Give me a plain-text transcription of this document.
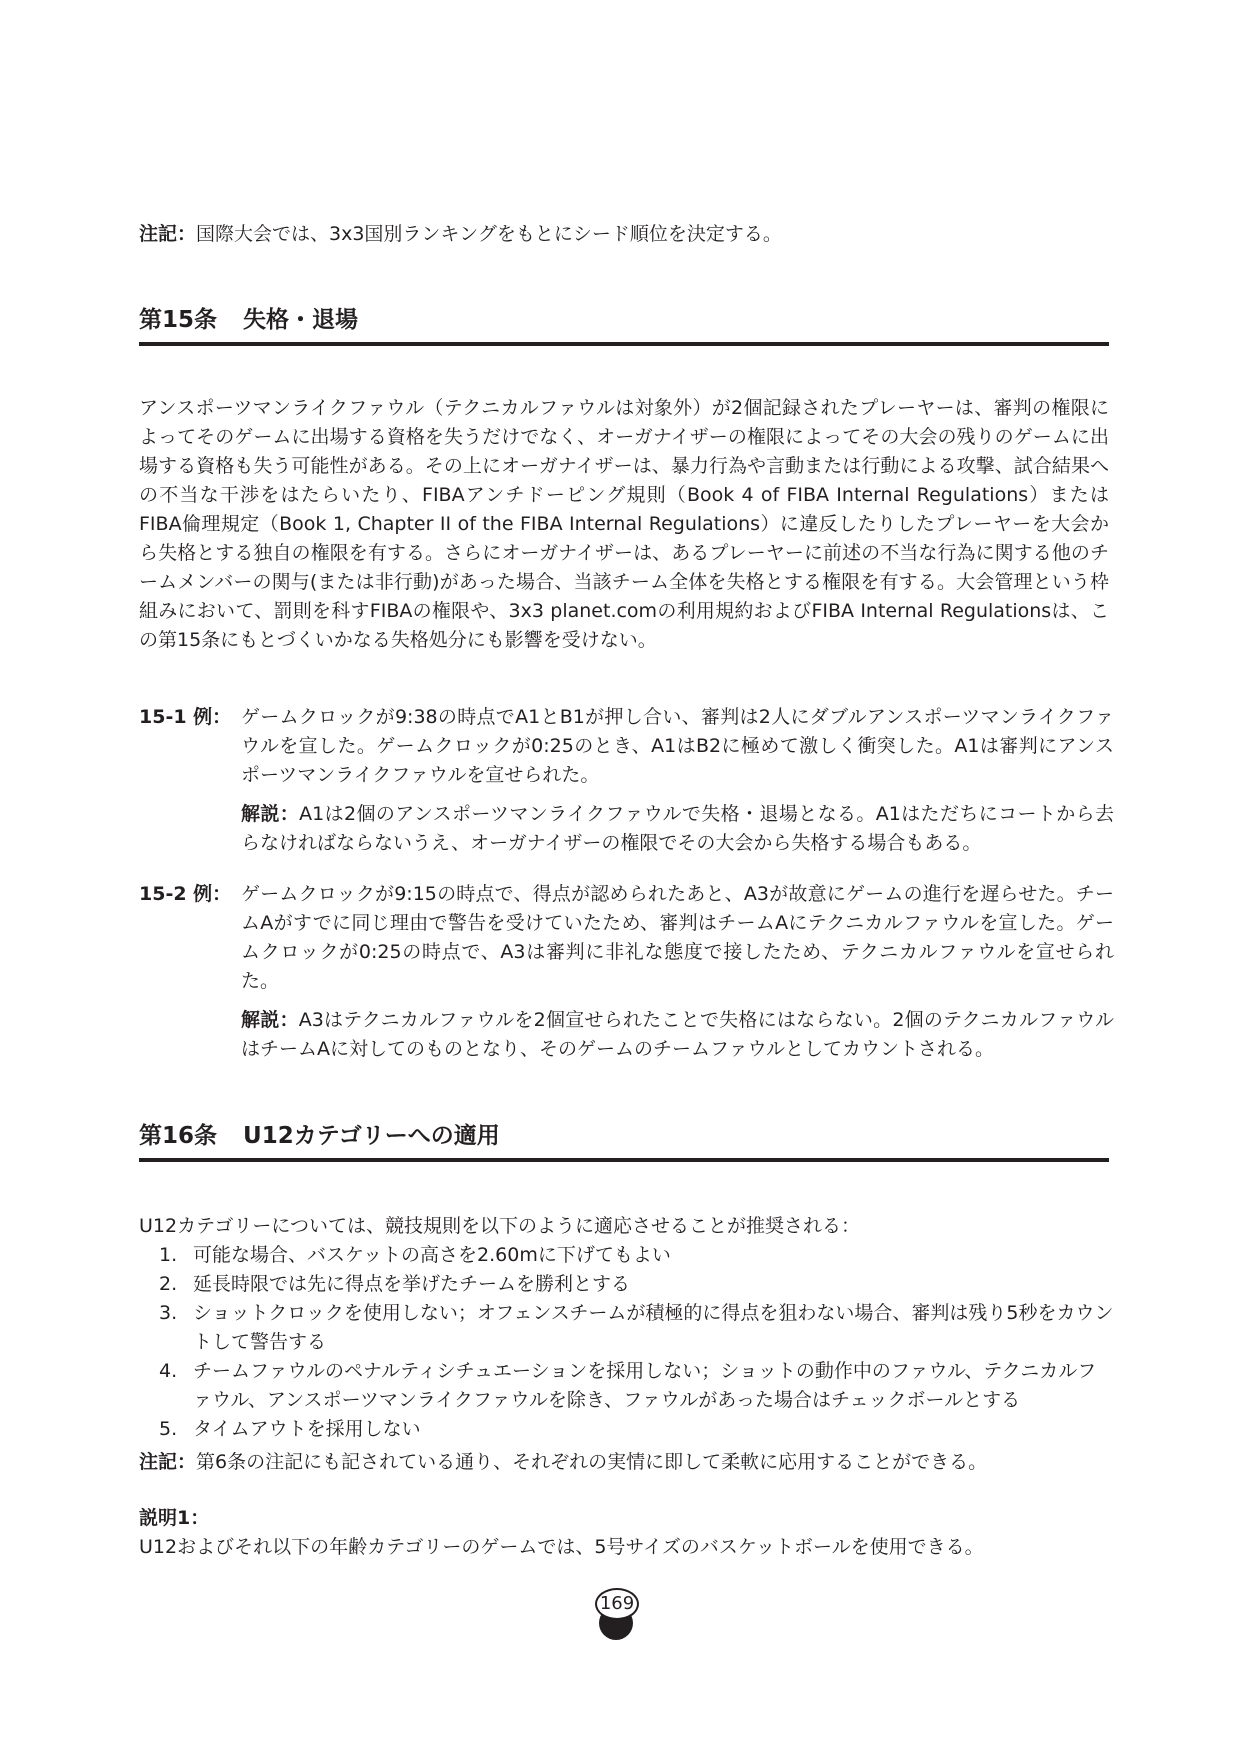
注記：国際大会では、3x3国別ランキングをもとにシード順位を決定する。
第15条 失格・退場

アンスポーツマンライクファウル（テクニカルファウルは対象外）が2個記録されたプレーヤーは、審判の権限によってそのゲームに出場する資格を失うだけでなく、オーガナイザーの権限によってその大会の残りのゲームに出場する資格も失う可能性がある。その上にオーガナイザーは、暴力行為や言動または行動による攻撃、試合結果への不当な干渉をはたらいたり、FIBAアンチドーピング規則（Book 4 of FIBA Internal Regulations）またはFIBA倫理規定（Book 1, Chapter II of the FIBA Internal Regulations）に違反したりしたプレーヤーを大会から失格とする独自の権限を有する。さらにオーガナイザーは、あるプレーヤーに前述の不当な行為に関する他のチームメンバーの関与(または非行動)があった場合、当該チーム全体を失格とする権限を有する。大会管理という枠組みにおいて、罰則を科すFIBAの権限や、3x3 planet.comの利用規約およびFIBA Internal Regulationsは、この第15条にもとづくいかなる失格処分にも影響を受けない。

15-1 例： ゲームクロックが9:38の時点でA1とB1が押し合い、審判は2人にダブルアンスポーツマンライクファウルを宣した。ゲームクロックが0:25のとき、A1はB2に極めて激しく衝突した。A1は審判にアンスポーツマンライクファウルを宣せられた。
解説：A1は2個のアンスポーツマンライクファウルで失格・退場となる。A1はただちにコートから去らなければならないうえ、オーガナイザーの権限でその大会から失格する場合もある。
15-2 例： ゲームクロックが9:15の時点で、得点が認められたあと、A3が故意にゲームの進行を遅らせた。チームAがすでに同じ理由で警告を受けていたため、審判はチームAにテクニカルファウルを宣した。ゲームクロックが0:25の時点で、A3は審判に非礼な態度で接したため、テクニカルファウルを宣せられた。
解説：A3はテクニカルファウルを2個宣せられたことで失格にはならない。2個のテクニカルファウルはチームAに対してのものとなり、そのゲームのチームファウルとしてカウントされる。
第16条 U12カテゴリーへの適用

U12カテゴリーについては、競技規則を以下のように適応させることが推奨される：

1. 可能な場合、バスケットの高さを2.60mに下げてもよい
2. 延長時限では先に得点を挙げたチームを勝利とする
3. ショットクロックを使用しない；オフェンスチームが積極的に得点を狙わない場合、審判は残り5秒をカウントして警告する
4. チームファウルのペナルティシチュエーションを採用しない；ショットの動作中のファウル、テクニカルファウル、アンスポーツマンライクファウルを除き、ファウルがあった場合はチェックボールとする
5. タイムアウトを採用しない
注記：第6条の注記にも記されている通り、それぞれの実情に即して柔軟に応用することができる。
説明1：
U12およびそれ以下の年齢カテゴリーのゲームでは、5号サイズのバスケットボールを使用できる。
169
